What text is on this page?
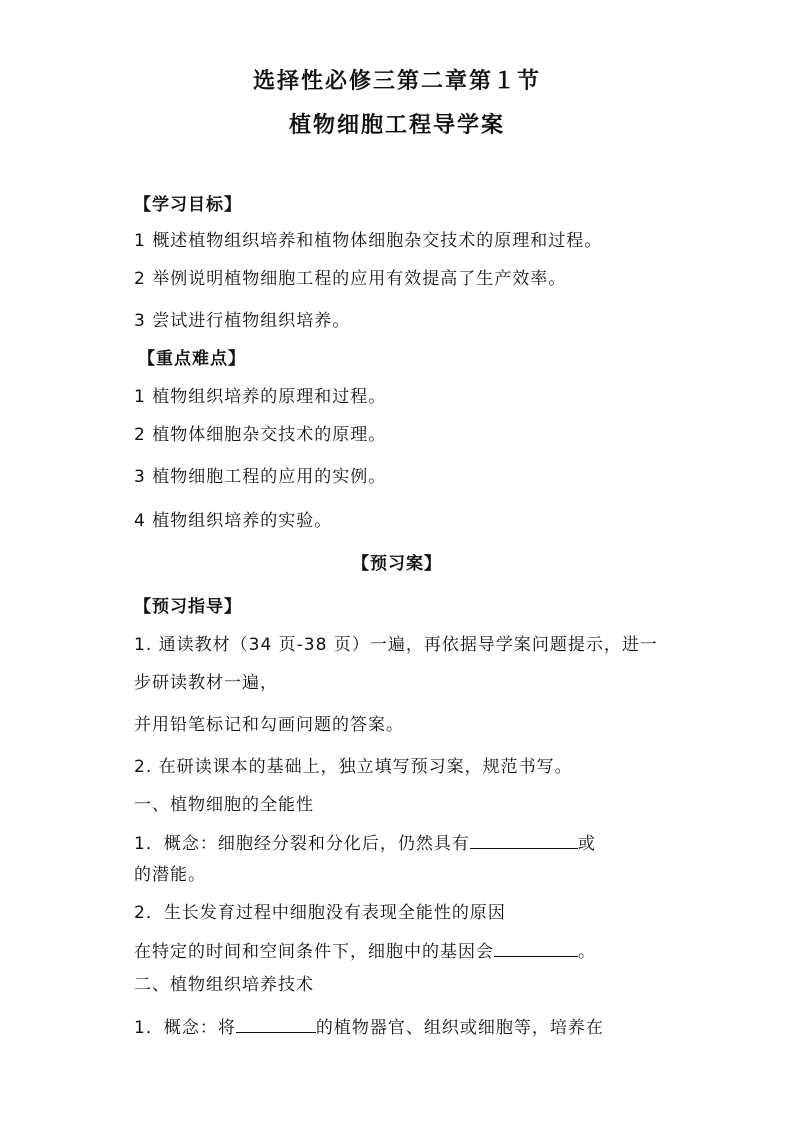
选择性必修三第二章第１节
植物细胞工程导学案
【学习目标】
1 概述植物组织培养和植物体细胞杂交技术的原理和过程。
2 举例说明植物细胞工程的应用有效提高了生产效率。
3 尝试进行植物组织培养。
【重点难点】
1 植物组织培养的原理和过程。
2 植物体细胞杂交技术的原理。
3 植物细胞工程的应用的实例。
4 植物组织培养的实验。
【预习案】
【预习指导】
1. 通读教材（34 页-38 页）一遍，再依据导学案问题提示，进一
步研读教材一遍，
并用铅笔标记和勾画问题的答案。
2. 在研读课本的基础上，独立填写预习案，规范书写。
一、植物细胞的全能性
1．概念：细胞经分裂和分化后，仍然具有	或
的潜能。
2．生长发育过程中细胞没有表现全能性的原因
在特定的时间和空间条件下，细胞中的基因会	。
二、植物组织培养技术
1．概念：将	的植物器官、组织或细胞等，培养在
